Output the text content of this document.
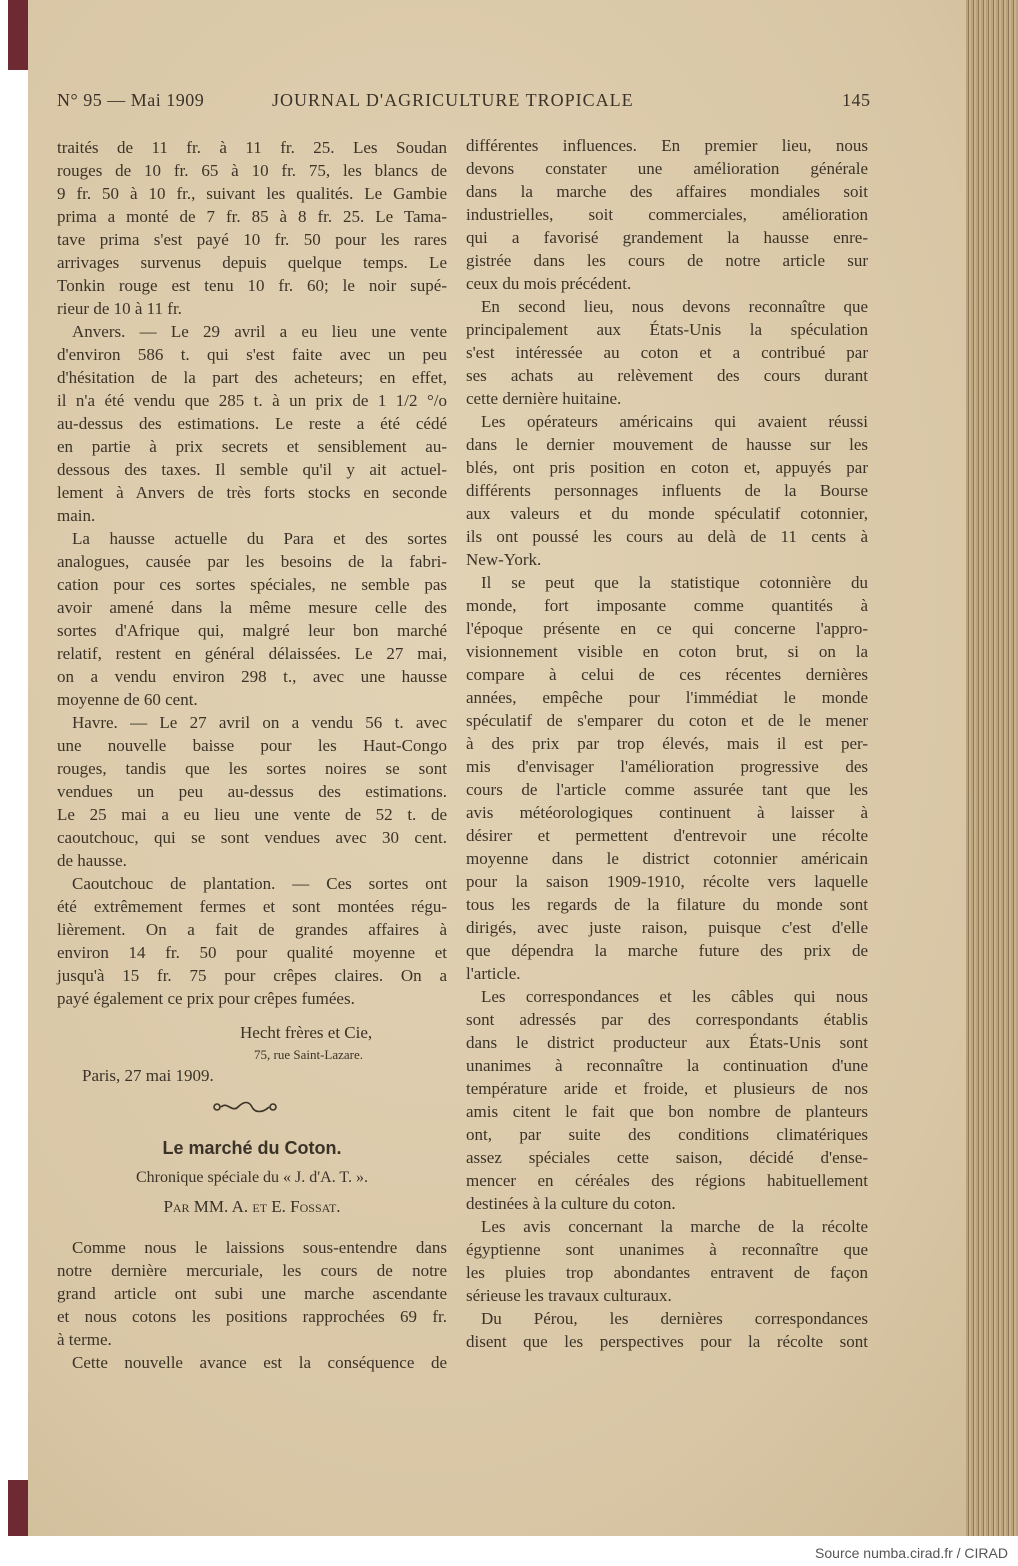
N° 95 — Mai 1909	JOURNAL D'AGRICULTURE TROPICALE	145
traités de 11 fr. à 11 fr. 25. Les Soudan
rouges de 10 fr. 65 à 10 fr. 75, les blancs de
9 fr. 50 à 10 fr., suivant les qualités. Le Gambie
prima a monté de 7 fr. 85 à 8 fr. 25. Le Tama-
tave prima s'est payé 10 fr. 50 pour les rares
arrivages survenus depuis quelque temps. Le
Tonkin rouge est tenu 10 fr. 60; le noir supé-
rieur de 10 à 11 fr.
Anvers. — Le 29 avril a eu lieu une vente
d'environ 586 t. qui s'est faite avec un peu
d'hésitation de la part des acheteurs; en effet,
il n'a été vendu que 285 t. à un prix de 1 1/2 °/o
au-dessus des estimations. Le reste a été cédé
en partie à prix secrets et sensiblement au-
dessous des taxes. Il semble qu'il y ait actuel-
lement à Anvers de très forts stocks en seconde
main.
La hausse actuelle du Para et des sortes
analogues, causée par les besoins de la fabri-
cation pour ces sortes spéciales, ne semble pas
avoir amené dans la même mesure celle des
sortes d'Afrique qui, malgré leur bon marché
relatif, restent en général délaissées. Le 27 mai,
on a vendu environ 298 t., avec une hausse
moyenne de 60 cent.
Havre. — Le 27 avril on a vendu 56 t. avec
une nouvelle baisse pour les Haut-Congo
rouges, tandis que les sortes noires se sont
vendues un peu au-dessus des estimations.
Le 25 mai a eu lieu une vente de 52 t. de
caoutchouc, qui se sont vendues avec 30 cent.
de hausse.
Caoutchouc de plantation. — Ces sortes ont
été extrêmement fermes et sont montées régu-
lièrement. On a fait de grandes affaires à
environ 14 fr. 50 pour qualité moyenne et
jusqu'à 15 fr. 75 pour crêpes claires. On a
payé également ce prix pour crêpes fumées.
Hecht frères et Cie,
75, rue Saint-Lazare.
Paris, 27 mai 1909.
Le marché du Coton.
Chronique spéciale du « J. d'A. T. ».
Par MM. A. et E. Fossat.
Comme nous le laissions sous-entendre dans
notre dernière mercuriale, les cours de notre
grand article ont subi une marche ascendante
et nous cotons les positions rapprochées 69 fr.
à terme.
Cette nouvelle avance est la conséquence de
différentes influences. En premier lieu, nous
devons constater une amélioration générale
dans la marche des affaires mondiales soit
industrielles, soit commerciales, amélioration
qui a favorisé grandement la hausse enre-
gistrée dans les cours de notre article sur
ceux du mois précédent.
En second lieu, nous devons reconnaître que
principalement aux États-Unis la spéculation
s'est intéressée au coton et a contribué par
ses achats au relèvement des cours durant
cette dernière huitaine.
Les opérateurs américains qui avaient réussi
dans le dernier mouvement de hausse sur les
blés, ont pris position en coton et, appuyés par
différents personnages influents de la Bourse
aux valeurs et du monde spéculatif cotonnier,
ils ont poussé les cours au delà de 11 cents à
New-York.
Il se peut que la statistique cotonnière du
monde, fort imposante comme quantités à
l'époque présente en ce qui concerne l'appro-
visionnement visible en coton brut, si on la
compare à celui de ces récentes dernières
années, empêche pour l'immédiat le monde
spéculatif de s'emparer du coton et de le mener
à des prix par trop élevés, mais il est per-
mis d'envisager l'amélioration progressive des
cours de l'article comme assurée tant que les
avis météorologiques continuent à laisser à
désirer et permettent d'entrevoir une récolte
moyenne dans le district cotonnier américain
pour la saison 1909-1910, récolte vers laquelle
tous les regards de la filature du monde sont
dirigés, avec juste raison, puisque c'est d'elle
que dépendra la marche future des prix de
l'article.
Les correspondances et les câbles qui nous
sont adressés par des correspondants établis
dans le district producteur aux États-Unis sont
unanimes à reconnaître la continuation d'une
température aride et froide, et plusieurs de nos
amis citent le fait que bon nombre de planteurs
ont, par suite des conditions climatériques
assez spéciales cette saison, décidé d'ense-
mencer en céréales des régions habituellement
destinées à la culture du coton.
Les avis concernant la marche de la récolte
égyptienne sont unanimes à reconnaître que
les pluies trop abondantes entravent de façon
sérieuse les travaux culturaux.
Du Pérou, les dernières correspondances
disent que les perspectives pour la récolte sont
Source numba.cirad.fr / CIRAD
